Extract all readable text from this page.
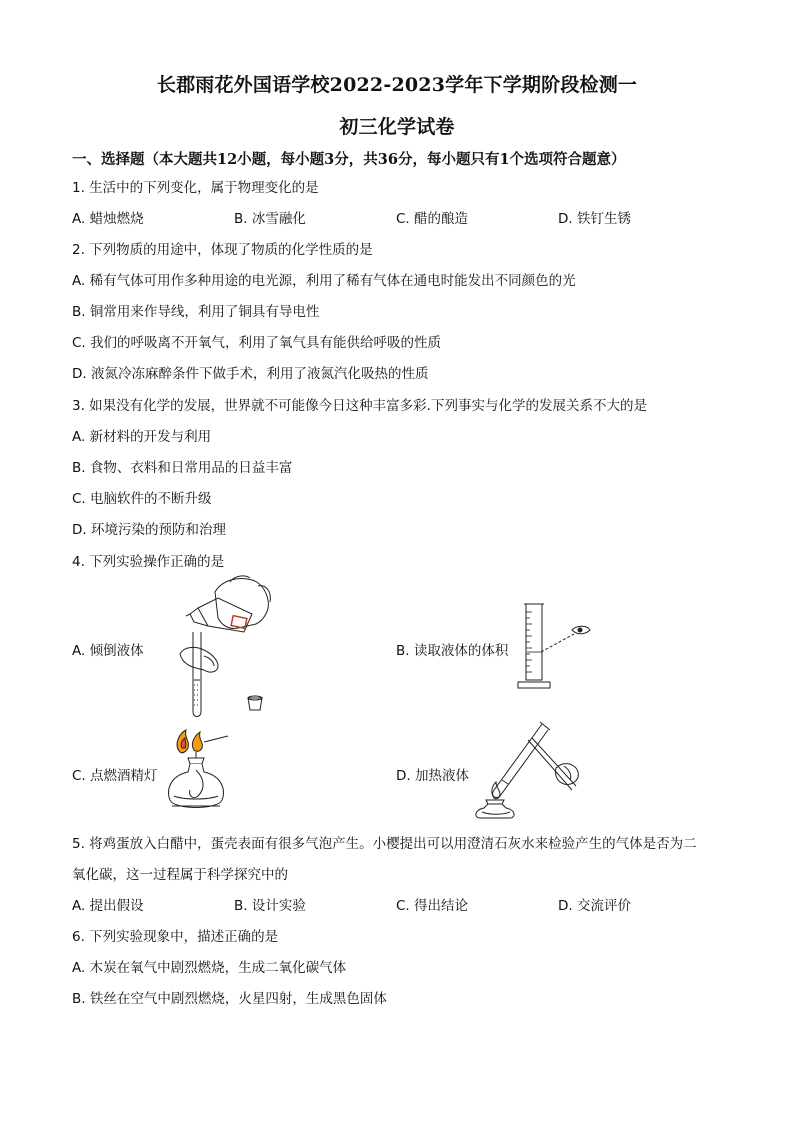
长郡雨花外国语学校2022-2023学年下学期阶段检测一
初三化学试卷
一、选择题（本大题共12小题，每小题3分，共36分，每小题只有1个选项符合题意）
1. 生活中的下列变化，属于物理变化的是
A. 蜡烛燃烧	B. 冰雪融化	C. 醋的酿造	D. 铁钉生锈
2. 下列物质的用途中，体现了物质的化学性质的是
A. 稀有气体可用作多种用途的电光源，利用了稀有气体在通电时能发出不同颜色的光
B. 铜常用来作导线，利用了铜具有导电性
C. 我们的呼吸离不开氧气，利用了氧气具有能供给呼吸的性质
D. 液氮冷冻麻醉条件下做手术，利用了液氮汽化吸热的性质
3. 如果没有化学的发展，世界就不可能像今日这种丰富多彩.下列事实与化学的发展关系不大的是
A. 新材料的开发与利用
B. 食物、衣料和日常用品的日益丰富
C. 电脑软件的不断升级
D. 环境污染的预防和治理
4. 下列实验操作正确的是
A. 倾倒液体	B. 读取液体的体积
C. 点燃酒精灯	D. 加热液体
5. 将鸡蛋放入白醋中，蛋壳表面有很多气泡产生。小樱提出可以用澄清石灰水来检验产生的气体是否为二
氧化碳，这一过程属于科学探究中的
A. 提出假设	B. 设计实验	C. 得出结论	D. 交流评价
6. 下列实验现象中，描述正确的是
A. 木炭在氧气中剧烈燃烧，生成二氧化碳气体
B. 铁丝在空气中剧烈燃烧，火星四射，生成黑色固体
